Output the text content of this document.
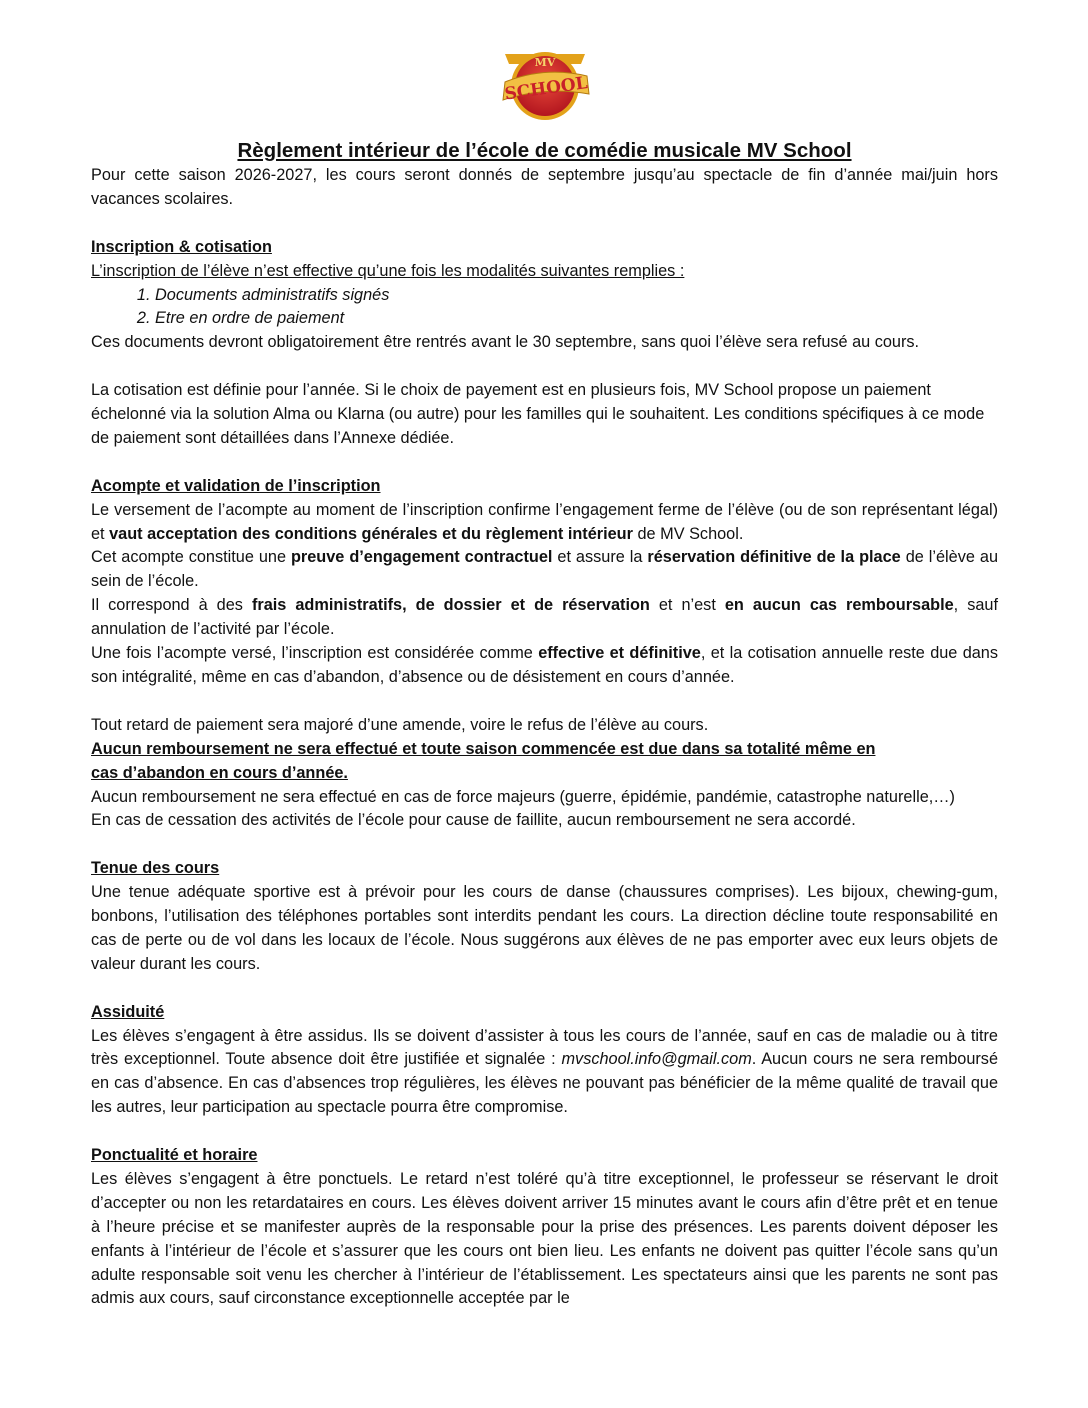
MV
SCHOOL
Règlement intérieur de l’école de comédie musicale MV School

Pour cette saison 2026-2027, les cours seront donnés de septembre jusqu’au spectacle de fin d’année mai/juin hors vacances scolaires.

Inscription & cotisation

L’inscription de l’élève n’est effective qu’une fois les modalités suivantes remplies :

1. Documents administratifs signés
2. Etre en ordre de paiement

Ces documents devront obligatoirement être rentrés avant le 30 septembre, sans quoi l’élève sera refusé au cours.

La cotisation est définie pour l’année. Si le choix de payement est en plusieurs fois, MV School propose un paiement échelonné via la solution Alma ou Klarna (ou autre) pour les familles qui le souhaitent. Les conditions spécifiques à ce mode de paiement sont détaillées dans l’Annexe dédiée.

Acompte et validation de l’inscription

Le versement de l’acompte au moment de l’inscription confirme l’engagement ferme de l’élève (ou de son représentant légal) et vaut acceptation des conditions générales et du règlement intérieur de MV School.

Cet acompte constitue une preuve d’engagement contractuel et assure la réservation définitive de la place de l’élève au sein de l’école.

Il correspond à des frais administratifs, de dossier et de réservation et n’est en aucun cas remboursable, sauf annulation de l’activité par l’école.

Une fois l’acompte versé, l’inscription est considérée comme effective et définitive, et la cotisation annuelle reste due dans son intégralité, même en cas d’abandon, d’absence ou de désistement en cours d’année.

Tout retard de paiement sera majoré d’une amende, voire le refus de l’élève au cours.

Aucun remboursement ne sera effectué et toute saison commencée est due dans sa totalité même en

cas d’abandon en cours d’année.

Aucun remboursement ne sera effectué en cas de force majeurs (guerre, épidémie, pandémie, catastrophe naturelle,…)

En cas de cessation des activités de l’école pour cause de faillite, aucun remboursement ne sera accordé.

Tenue des cours

Une tenue adéquate sportive est à prévoir pour les cours de danse (chaussures comprises). Les bijoux, chewing-gum, bonbons, l’utilisation des téléphones portables sont interdits pendant les cours. La direction décline toute responsabilité en cas de perte ou de vol dans les locaux de l’école. Nous suggérons aux élèves de ne pas emporter avec eux leurs objets de valeur durant les cours.

Assiduité

Les élèves s’engagent à être assidus. Ils se doivent d’assister à tous les cours de l’année, sauf en cas de maladie ou à titre très exceptionnel. Toute absence doit être justifiée et signalée : mvschool.info@gmail.com. Aucun cours ne sera remboursé en cas d’absence. En cas d’absences trop régulières, les élèves ne pouvant pas bénéficier de la même qualité de travail que les autres, leur participation au spectacle pourra être compromise.

Ponctualité et horaire

Les élèves s’engagent à être ponctuels. Le retard n’est toléré qu’à titre exceptionnel, le professeur se réservant le droit d’accepter ou non les retardataires en cours. Les élèves doivent arriver 15 minutes avant le cours afin d’être prêt et en tenue à l’heure précise et se manifester auprès de la responsable pour la prise des présences. Les parents doivent déposer les enfants à l’intérieur de l’école et s’assurer que les cours ont bien lieu. Les enfants ne doivent pas quitter l’école sans qu’un adulte responsable soit venu les chercher à l’intérieur de l’établissement. Les spectateurs ainsi que les parents ne sont pas admis aux cours, sauf circonstance exceptionnelle acceptée par le
